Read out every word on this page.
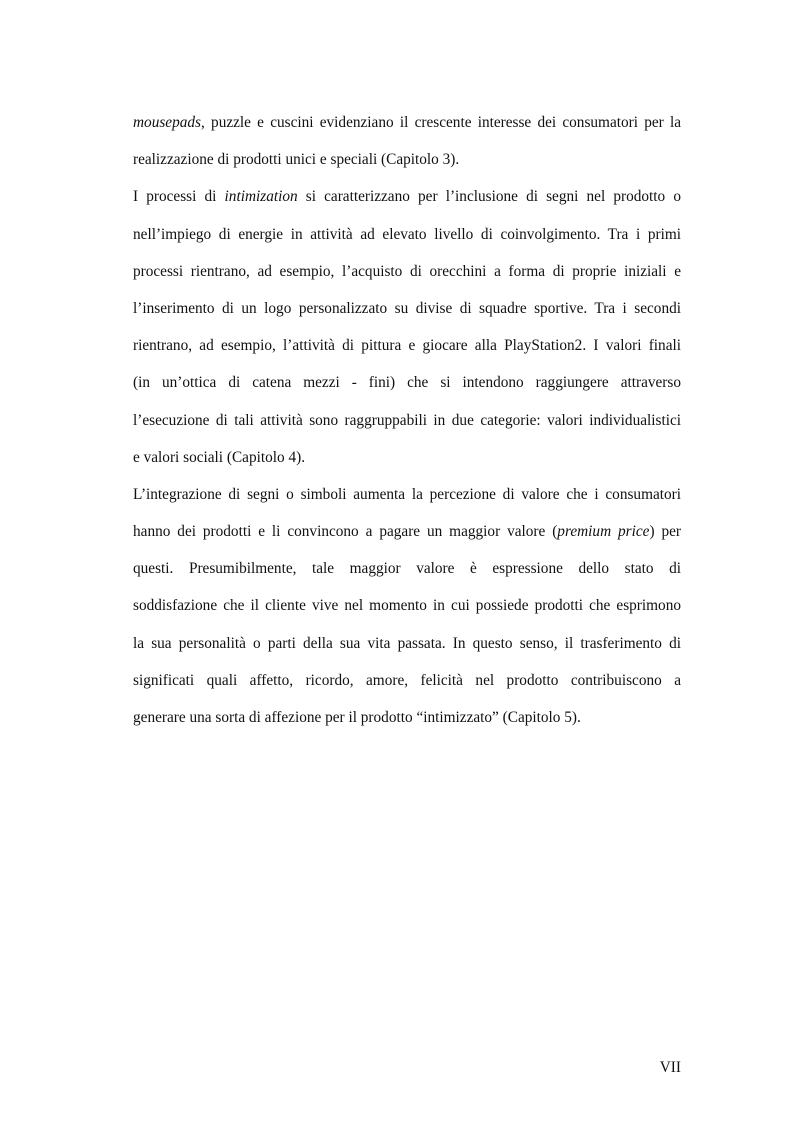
mousepads, puzzle e cuscini evidenziano il crescente interesse dei consumatori per la
realizzazione di prodotti unici e speciali (Capitolo 3).
I processi di intimization si caratterizzano per l’inclusione di segni nel prodotto o
nell’impiego di energie in attività ad elevato livello di coinvolgimento. Tra i primi
processi rientrano, ad esempio, l’acquisto di orecchini a forma di proprie iniziali e
l’inserimento di un logo personalizzato su divise di squadre sportive. Tra i secondi
rientrano, ad esempio, l’attività di pittura e giocare alla PlayStation2. I valori finali
(in un’ottica di catena mezzi - fini) che si intendono raggiungere attraverso
l’esecuzione di tali attività sono raggruppabili in due categorie: valori individualistici
e valori sociali (Capitolo 4).
L’integrazione di segni o simboli aumenta la percezione di valore che i consumatori
hanno dei prodotti e li convincono a pagare un maggior valore (premium price) per
questi. Presumibilmente, tale maggior valore è espressione dello stato di
soddisfazione che il cliente vive nel momento in cui possiede prodotti che esprimono
la sua personalità o parti della sua vita passata. In questo senso, il trasferimento di
significati quali affetto, ricordo, amore, felicità nel prodotto contribuiscono a
generare una sorta di affezione per il prodotto “intimizzato” (Capitolo 5).
VII
